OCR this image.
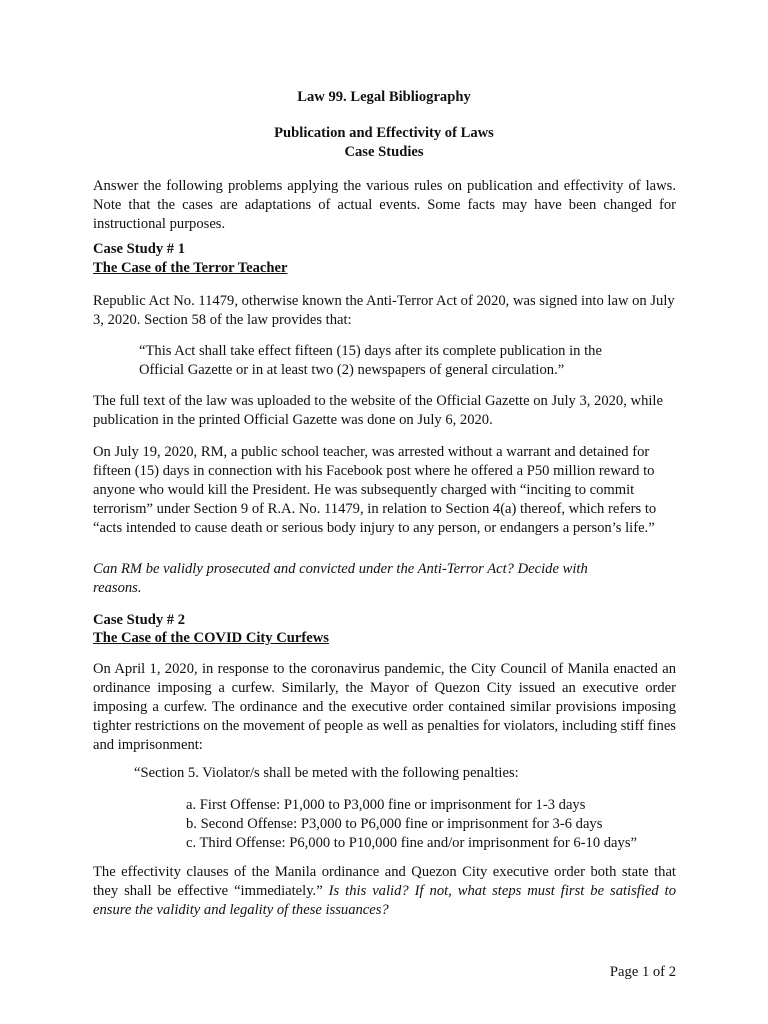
Law 99. Legal Bibliography

Publication and Effectivity of Laws
Case Studies

Answer the following problems applying the various rules on publication and effectivity of laws. Note that the cases are adaptations of actual events. Some facts may have been changed for instructional purposes.

Case Study # 1

The Case of the Terror Teacher

Republic Act No. 11479, otherwise known the Anti-Terror Act of 2020, was signed into law on July 3, 2020. Section 58 of the law provides that:

“This Act shall take effect fifteen (15) days after its complete publication in the
Official Gazette or in at least two (2) newspapers of general circulation.”

The full text of the law was uploaded to the website of the Official Gazette on July 3, 2020, while publication in the printed Official Gazette was done on July 6, 2020.

On July 19, 2020, RM, a public school teacher, was arrested without a warrant and detained for fifteen (15) days in connection with his Facebook post where he offered a P50 million reward to anyone who would kill the President. He was subsequently charged with “inciting to commit terrorism” under Section 9 of R.A. No. 11479, in relation to Section 4(a) thereof, which refers to “acts intended to cause death or serious body injury to any person, or endangers a person’s life.”

Can RM be validly prosecuted and convicted under the Anti-Terror Act? Decide with reasons.

Case Study # 2

The Case of the COVID City Curfews

On April 1, 2020, in response to the coronavirus pandemic, the City Council of Manila enacted an ordinance imposing a curfew. Similarly, the Mayor of Quezon City issued an executive order imposing a curfew. The ordinance and the executive order contained similar provisions imposing tighter restrictions on the movement of people as well as penalties for violators, including stiff fines and imprisonment:

“Section 5. Violator/s shall be meted with the following penalties:

a. First Offense: P1,000 to P3,000 fine or imprisonment for 1-3 days
b. Second Offense: P3,000 to P6,000 fine or imprisonment for 3-6 days
c. Third Offense: P6,000 to P10,000 fine and/or imprisonment for 6-10 days”

The effectivity clauses of the Manila ordinance and Quezon City executive order both state that they shall be effective “immediately.” Is this valid? If not, what steps must first be satisfied to ensure the validity and legality of these issuances?

Page 1 of 2
